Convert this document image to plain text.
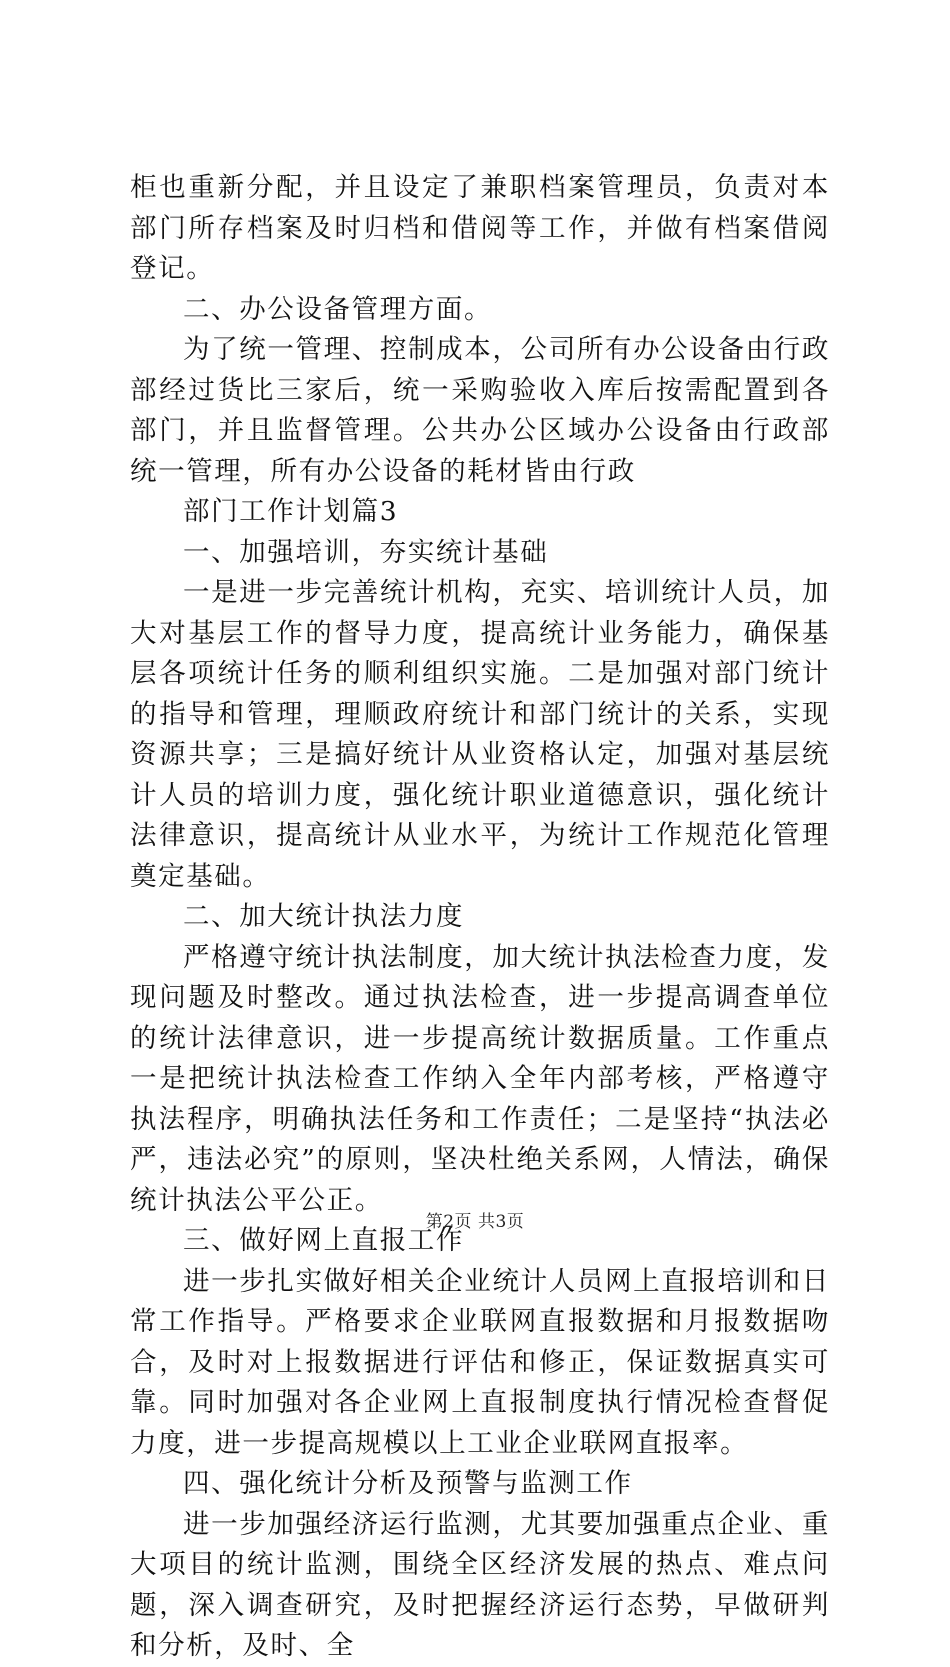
柜也重新分配，并且设定了兼职档案管理员，负责对本部门所存档案及时归档和借阅等工作，并做有档案借阅登记。

二、办公设备管理方面。

为了统一管理、控制成本，公司所有办公设备由行政部经过货比三家后，统一采购验收入库后按需配置到各部门，并且监督管理。公共办公区域办公设备由行政部统一管理，所有办公设备的耗材皆由行政

部门工作计划篇3

一、加强培训，夯实统计基础

一是进一步完善统计机构，充实、培训统计人员，加大对基层工作的督导力度，提高统计业务能力，确保基层各项统计任务的顺利组织实施。二是加强对部门统计的指导和管理，理顺政府统计和部门统计的关系，实现资源共享；三是搞好统计从业资格认定，加强对基层统计人员的培训力度，强化统计职业道德意识，强化统计法律意识，提高统计从业水平，为统计工作规范化管理奠定基础。

二、加大统计执法力度

严格遵守统计执法制度，加大统计执法检查力度，发现问题及时整改。通过执法检查，进一步提高调查单位的统计法律意识，进一步提高统计数据质量。工作重点一是把统计执法检查工作纳入全年内部考核，严格遵守执法程序，明确执法任务和工作责任；二是坚持“执法必严，违法必究”的原则，坚决杜绝关系网，人情法，确保统计执法公平公正。

三、做好网上直报工作

进一步扎实做好相关企业统计人员网上直报培训和日常工作指导。严格要求企业联网直报数据和月报数据吻合，及时对上报数据进行评估和修正，保证数据真实可靠。同时加强对各企业网上直报制度执行情况检查督促力度，进一步提高规模以上工业企业联网直报率。

四、强化统计分析及预警与监测工作

进一步加强经济运行监测，尤其要加强重点企业、重大项目的统计监测，围绕全区经济发展的热点、难点问题，深入调查研究，及时把握经济运行态势，早做研判和分析，及时、全

第2页 共3页
